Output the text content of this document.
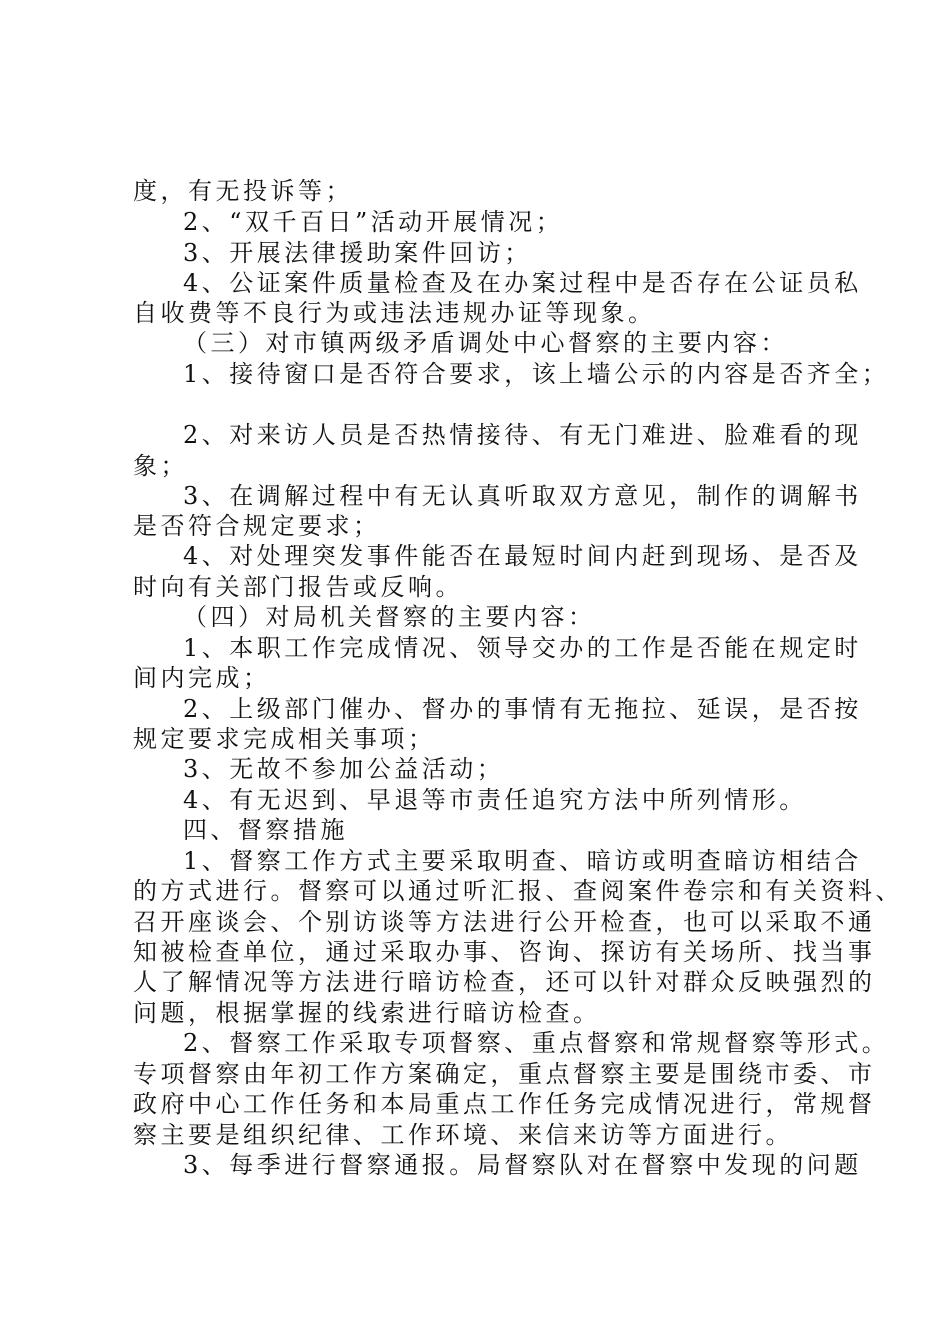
度，有无投诉等；
2、“双千百日”活动开展情况；
3、开展法律援助案件回访；
4、公证案件质量检查及在办案过程中是否存在公证员私
自收费等不良行为或违法违规办证等现象。
（三）对市镇两级矛盾调处中心督察的主要内容：
1、接待窗口是否符合要求，该上墙公示的内容是否齐全；
2、对来访人员是否热情接待、有无门难进、脸难看的现
象；
3、在调解过程中有无认真听取双方意见，制作的调解书
是否符合规定要求；
4、对处理突发事件能否在最短时间内赶到现场、是否及
时向有关部门报告或反响。
（四）对局机关督察的主要内容：
1、本职工作完成情况、领导交办的工作是否能在规定时
间内完成；
2、上级部门催办、督办的事情有无拖拉、延误，是否按
规定要求完成相关事项；
3、无故不参加公益活动；
4、有无迟到、早退等市责任追究方法中所列情形。
四、督察措施
1、督察工作方式主要采取明查、暗访或明查暗访相结合
的方式进行。督察可以通过听汇报、查阅案件卷宗和有关资料、
召开座谈会、个别访谈等方法进行公开检查，也可以采取不通
知被检查单位，通过采取办事、咨询、探访有关场所、找当事
人了解情况等方法进行暗访检查，还可以针对群众反映强烈的
问题，根据掌握的线索进行暗访检查。
2、督察工作采取专项督察、重点督察和常规督察等形式。
专项督察由年初工作方案确定，重点督察主要是围绕市委、市
政府中心工作任务和本局重点工作任务完成情况进行，常规督
察主要是组织纪律、工作环境、来信来访等方面进行。
3、每季进行督察通报。局督察队对在督察中发现的问题
